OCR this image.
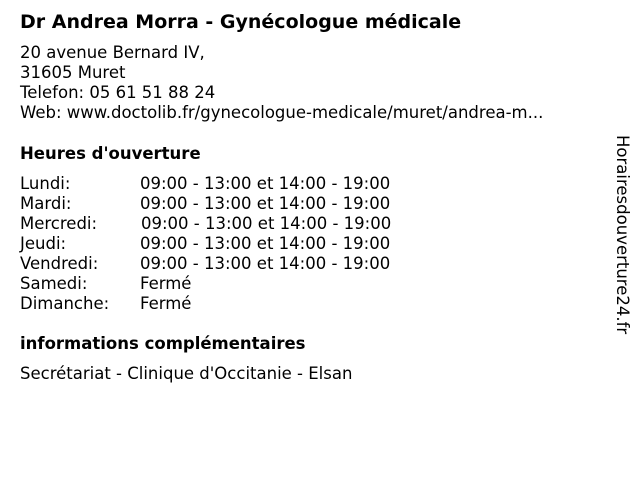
Dr Andrea Morra - Gynécologue médicale
20 avenue Bernard IV,
31605 Muret
Telefon: 05 61 51 88 24
Web: www.doctolib.fr/gynecologue-medicale/muret/andrea-m...
Heures d'ouverture
Lundi:	09:00 - 13:00 et 14:00 - 19:00
Mardi:	09:00 - 13:00 et 14:00 - 19:00
Mercredi:	09:00 - 13:00 et 14:00 - 19:00
Jeudi:	09:00 - 13:00 et 14:00 - 19:00
Vendredi:	09:00 - 13:00 et 14:00 - 19:00
Samedi:	Fermé
Dimanche: Fermé
informations complémentaires
Secrétariat - Clinique d'Occitanie - Elsan
Horairesdouverture24.fr
